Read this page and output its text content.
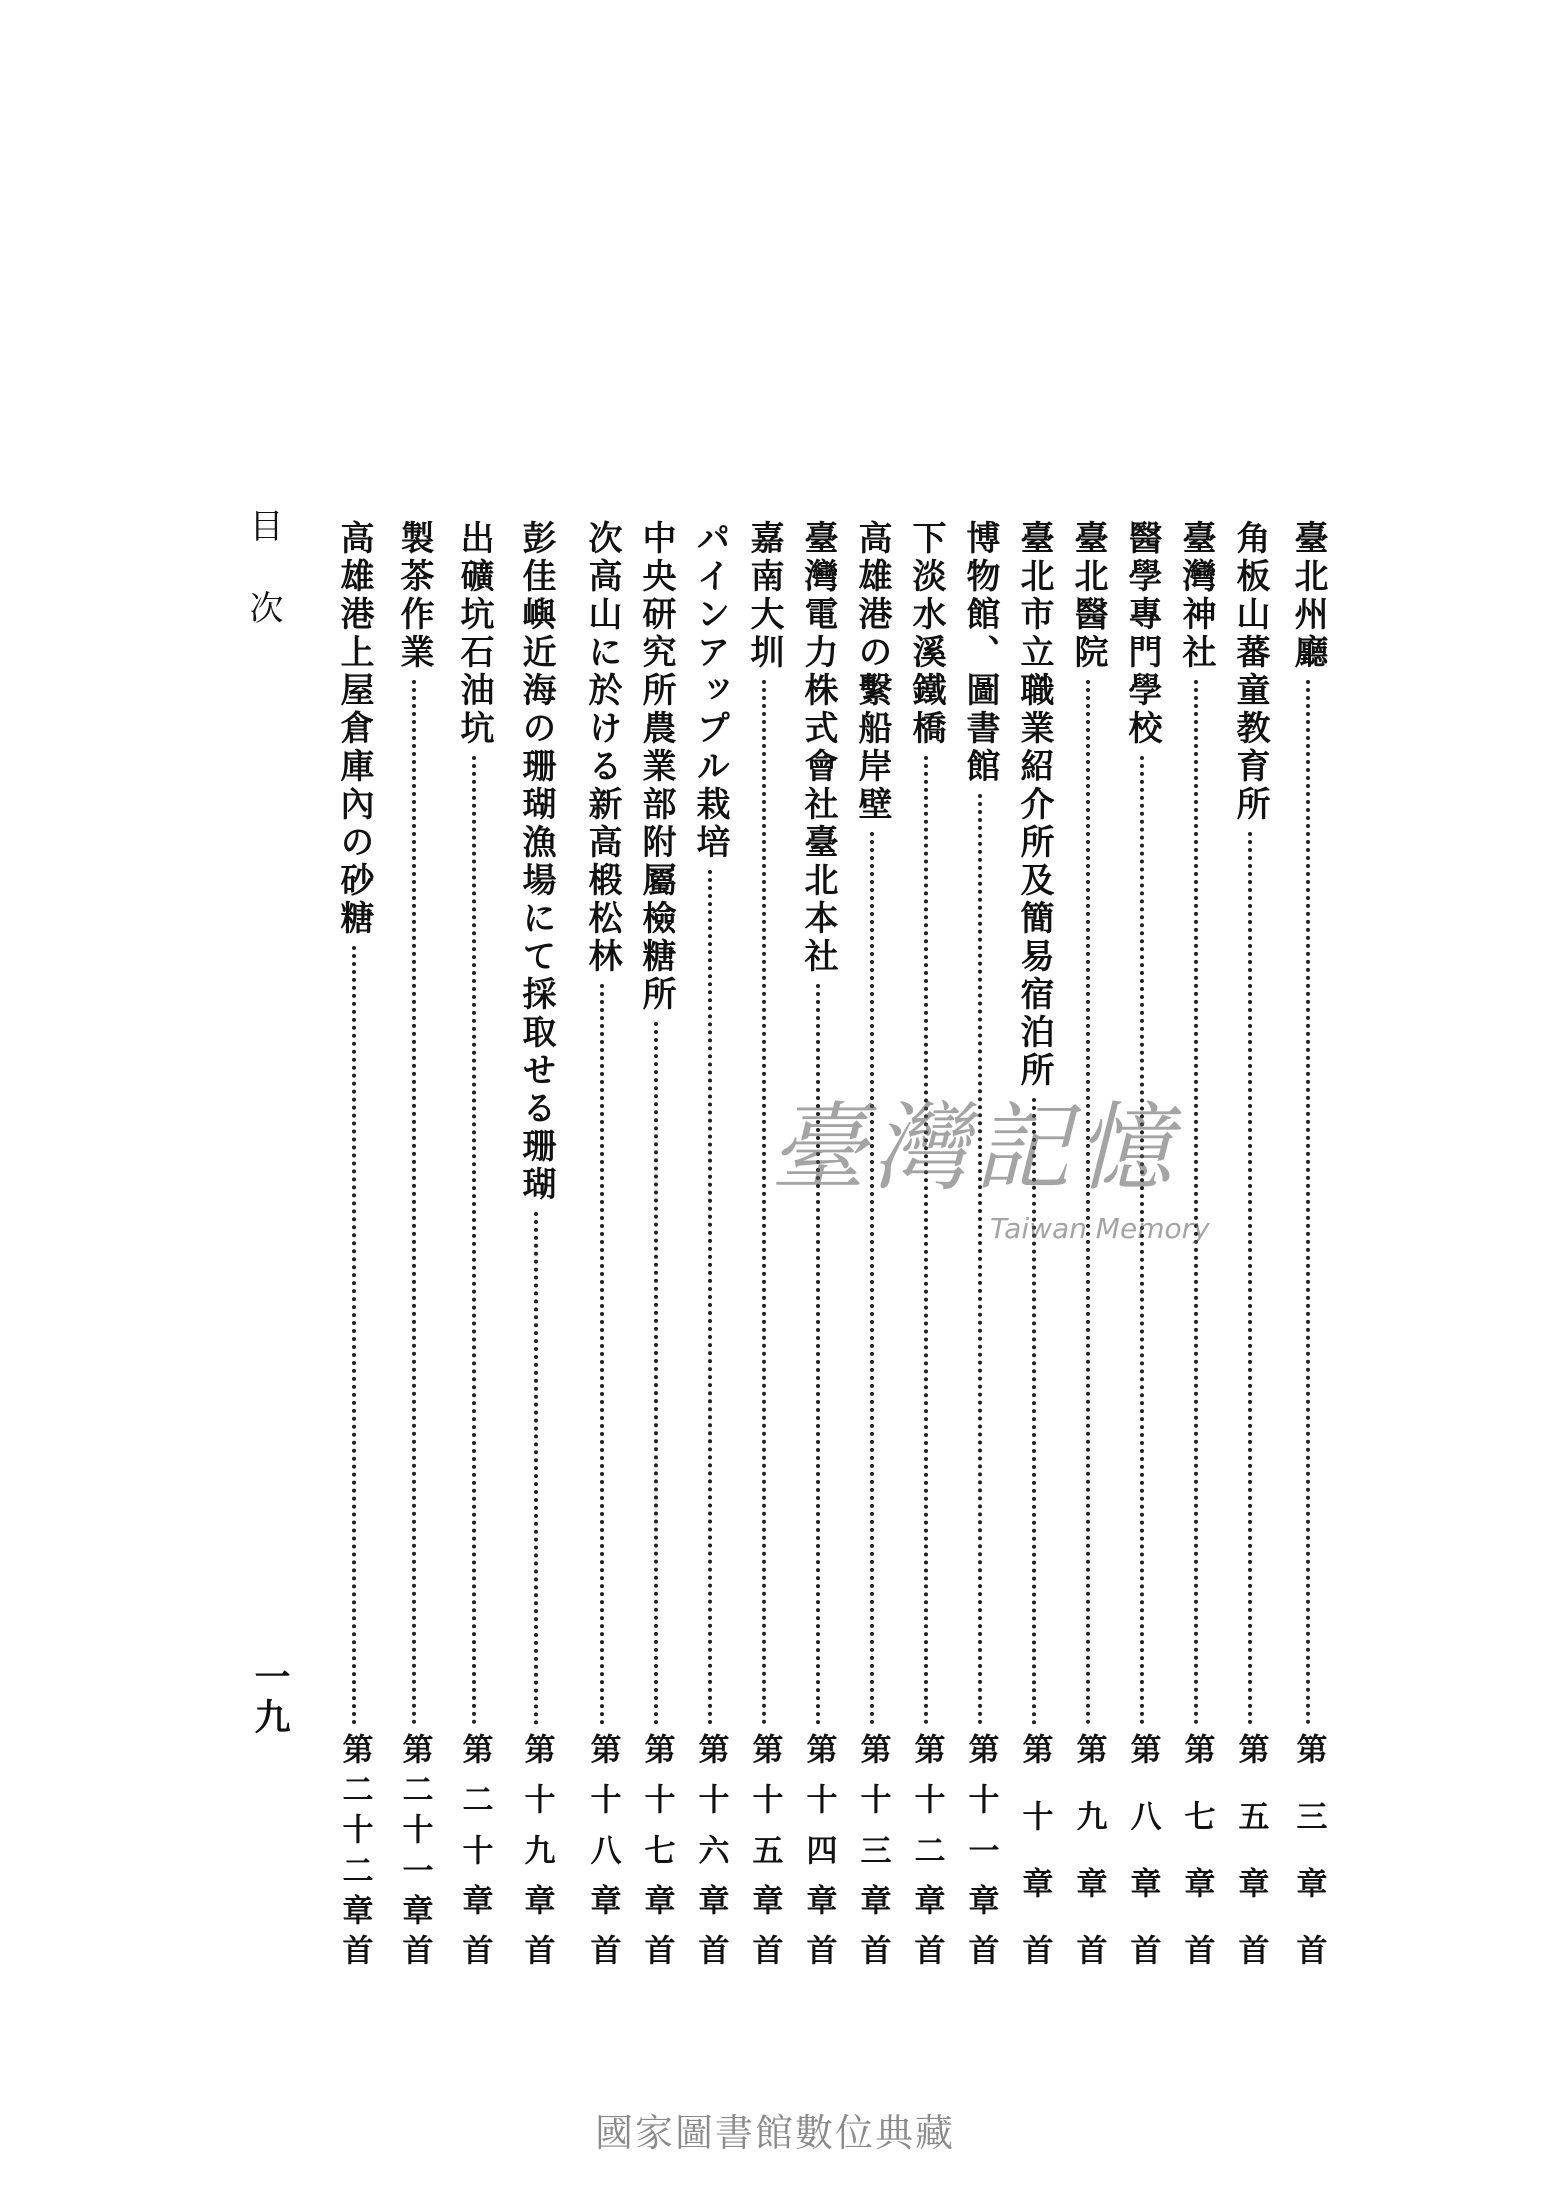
目次
一九
臺北州廳
第
三
章
首
角板山蕃童教育所
第
五
章
首
臺灣神社
第
七
章
首
醫學專門學校
第
八
章
首
臺北醫院
第
九
章
首
臺北市立職業紹介所及簡易宿泊所
第
十
章
首
博物館、圖書館
第
十
一
章
首
下淡水溪鐵橋
第
十
二
章
首
高雄港の繫船岸壁
第
十
三
章
首
臺灣電力株式會社臺北本社
第
十
四
章
首
嘉南大圳
第
十
五
章
首
パインアップル栽培
第
十
六
章
首
中央研究所農業部附屬檢糖所
第
十
七
章
首
次高山に於ける新高椴松林
第
十
八
章
首
彭佳嶼近海の珊瑚漁場にて採取せる珊瑚
第
十
九
章
首
出礦坑石油坑
第
二
十
章
首
製茶作業
第
二
十
一
章
首
高雄港上屋倉庫內の砂糖
第
二
十
二
章
首
臺灣記憶
Taiwan Memory
國家圖書館數位典藏
